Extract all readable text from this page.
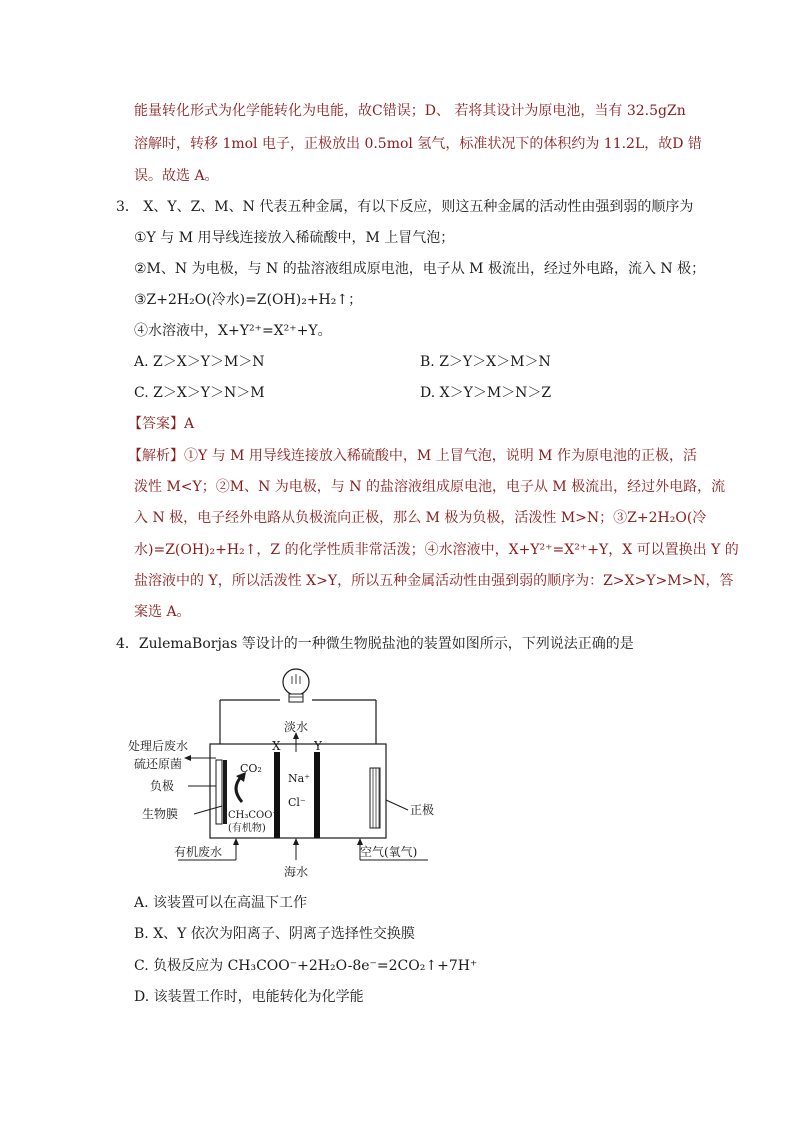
能量转化形式为化学能转化为电能，故C错误；D、 若将其设计为原电池，当有 32.5gZn
溶解时，转移 1mol 电子，正极放出 0.5mol 氢气，标准状况下的体积约为 11.2L，故D 错
误。故选 A。
3． X、Y、Z、M、N 代表五种金属，有以下反应，则这五种金属的活动性由强到弱的顺序为
①Y 与 M 用导线连接放入稀硫酸中，M 上冒气泡；
②M、N 为电极，与 N 的盐溶液组成原电池，电子从 M 极流出，经过外电路，流入 N 极；
③Z+2H₂O(冷水)=Z(OH)₂+H₂↑；
④水溶液中，X+Y²⁺=X²⁺+Y。
A. Z＞X＞Y＞M＞N	B. Z＞Y＞X＞M＞N
C. Z＞X＞Y＞N＞M	D. X＞Y＞M＞N＞Z
【答案】A
【解析】①Y 与 M 用导线连接放入稀硫酸中，M 上冒气泡，说明 M 作为原电池的正极，活
泼性 M<Y；②M、N 为电极，与 N 的盐溶液组成原电池，电子从 M 极流出，经过外电路，流
入 N 极，电子经外电路从负极流向正极，那么 M 极为负极，活泼性 M>N；③Z+2H₂O(冷
水)=Z(OH)₂+H₂↑，Z 的化学性质非常活泼；④水溶液中，X+Y²⁺=X²⁺+Y，X 可以置换出 Y 的
盐溶液中的 Y，所以活泼性 X>Y，所以五种金属活动性由强到弱的顺序为：Z>X>Y>M>N，答
案选 A。
4．ZulemaBorjas 等设计的一种微生物脱盐池的装置如图所示，下列说法正确的是
淡水
X	Y
处理后废水
硫还原菌
负极
生物膜
CO₂
CH₃COO⁻
(有机物)
Na⁺
Cl⁻
正极
有机废水
海水
空气(氧气)
A. 该装置可以在高温下工作
B. X、Y 依次为阳离子、阴离子选择性交换膜
C. 负极反应为 CH₃COO⁻+2H₂O-8e⁻=2CO₂↑+7H⁺
D. 该装置工作时，电能转化为化学能
